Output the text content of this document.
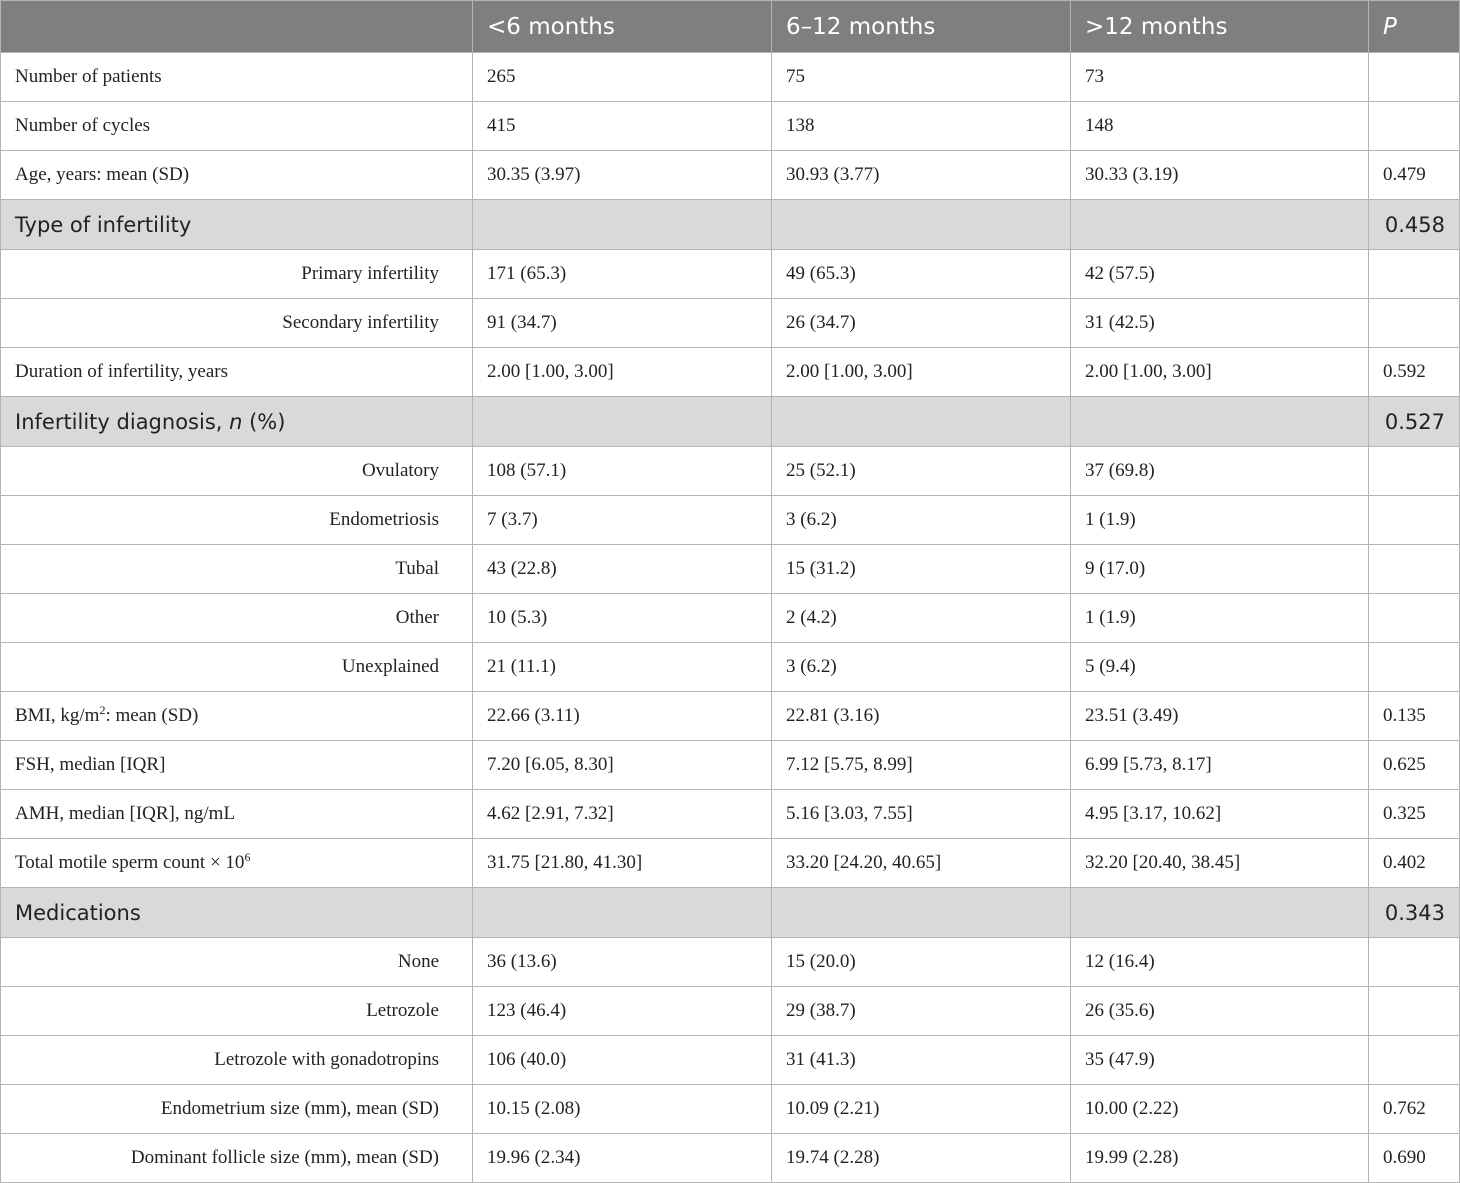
	<6 months	6–12 months	>12 months	P
Number of patients	265	75	73	
Number of cycles	415	138	148	
Age, years: mean (SD)	30.35 (3.97)	30.93 (3.77)	30.33 (3.19)	0.479
Type of infertility				0.458
Primary infertility	171 (65.3)	49 (65.3)	42 (57.5)	
Secondary infertility	91 (34.7)	26 (34.7)	31 (42.5)	
Duration of infertility, years	2.00 [1.00, 3.00]	2.00 [1.00, 3.00]	2.00 [1.00, 3.00]	0.592
Infertility diagnosis, n (%)				0.527
Ovulatory	108 (57.1)	25 (52.1)	37 (69.8)	
Endometriosis	7 (3.7)	3 (6.2)	1 (1.9)	
Tubal	43 (22.8)	15 (31.2)	9 (17.0)	
Other	10 (5.3)	2 (4.2)	1 (1.9)	
Unexplained	21 (11.1)	3 (6.2)	5 (9.4)	
BMI, $kg/m^2$: mean (SD)	22.66 (3.11)	22.81 (3.16)	23.51 (3.49)	0.135
FSH, median [IQR]	7.20 [6.05, 8.30]	7.12 [5.75, 8.99]	6.99 [5.73, 8.17]	0.625
AMH, median [IQR], ng/mL	4.62 [2.91, 7.32]	5.16 [3.03, 7.55]	4.95 [3.17, 10.62]	0.325
Total motile sperm count × $10^6$	31.75 [21.80, 41.30]	33.20 [24.20, 40.65]	32.20 [20.40, 38.45]	0.402
Medications				0.343
None	36 (13.6)	15 (20.0)	12 (16.4)	
Letrozole	123 (46.4)	29 (38.7)	26 (35.6)	
Letrozole with gonadotropins	106 (40.0)	31 (41.3)	35 (47.9)	
Endometrium size (mm), mean (SD)	10.15 (2.08)	10.09 (2.21)	10.00 (2.22)	0.762
Dominant follicle size (mm), mean (SD)	19.96 (2.34)	19.74 (2.28)	19.99 (2.28)	0.690
